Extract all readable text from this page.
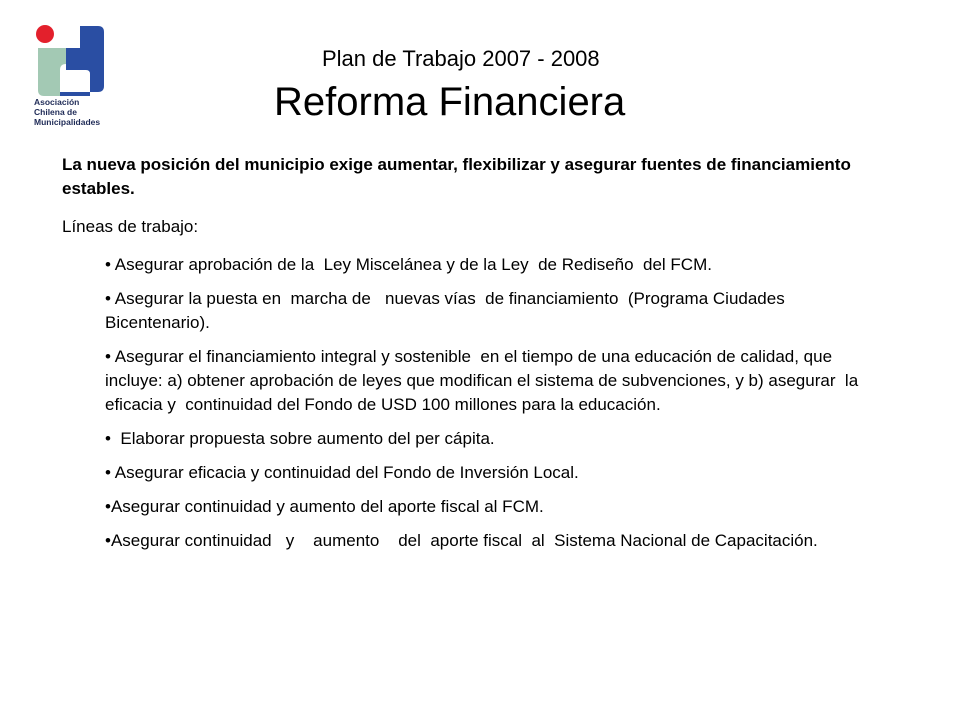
Asociación
Chilena de
Municipalidades
Plan de Trabajo 2007 - 2008
Reforma Financiera
La nueva posición del municipio exige aumentar, flexibilizar y asegurar fuentes de financiamiento estables.
Líneas de trabajo:
• Asegurar aprobación de la  Ley Miscelánea y de la Ley  de Rediseño  del FCM.
• Asegurar la puesta en  marcha de   nuevas vías  de financiamiento  (Programa Ciudades Bicentenario).
• Asegurar el financiamiento integral y sostenible  en el tiempo de una educación de calidad, que incluye: a) obtener aprobación de leyes que modifican el sistema de subvenciones, y b) asegurar  la eficacia y  continuidad del Fondo de USD 100 millones para la educación.
•  Elaborar propuesta sobre aumento del per cápita.
• Asegurar eficacia y continuidad del Fondo de Inversión Local.
•Asegurar continuidad y aumento del aporte fiscal al FCM.
•Asegurar continuidad   y    aumento    del  aporte fiscal  al  Sistema Nacional de Capacitación.
